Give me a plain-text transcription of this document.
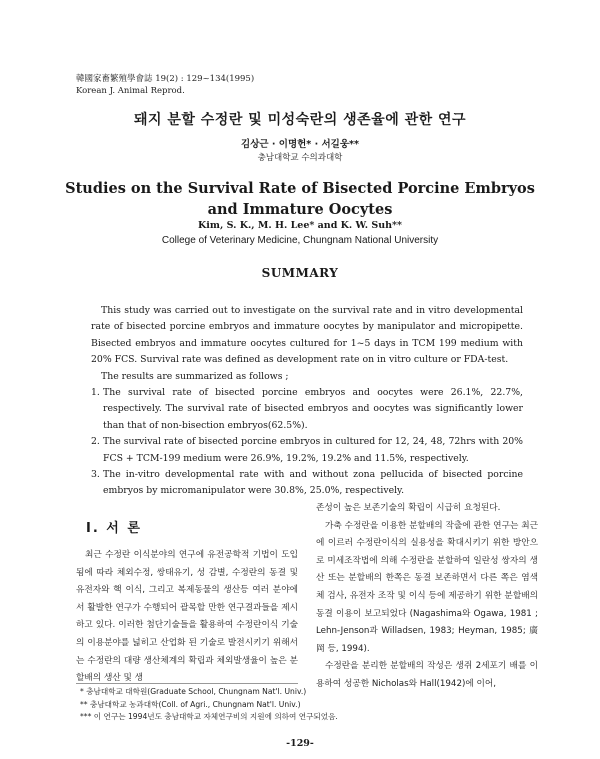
韓國家畜繁殖學會誌 19(2) : 129~134(1995)
Korean J. Animal Reprod.
돼지 분할 수정란 및 미성숙란의 생존율에 관한 연구
김상근 · 이명헌* · 서길웅**
충남대학교 수의과대학
Studies on the Survival Rate of Bisected Porcine Embryos
and Immature Oocytes
Kim, S. K., M. H. Lee* and K. W. Suh**
College of Veterinary Medicine, Chungnam National University
SUMMARY

This study was carried out to investigate on the survival rate and in vitro developmental rate of bisected porcine embryos and immature oocytes by manipulator and micropipette. Bisected embryos and immature oocytes cultured for 1~5 days in TCM 199 medium with 20% FCS. Survival rate was defined as development rate on in vitro culture or FDA-test.

The results are summarized as follows ;

1. The survival rate of bisected porcine embryos and oocytes were 26.1%, 22.7%, respectively. The survival rate of bisected embryos and oocytes was significantly lower than that of non-bisection embryos(62.5%).
2. The survival rate of bisected porcine embryos in cultured for 12, 24, 48, 72hrs with 20% FCS + TCM-199 medium were 26.9%, 19.2%, 19.2% and 11.5%, respectively.
3. The in-vitro developmental rate with and without zona pellucida of bisected porcine embryos by micromanipulator were 30.8%, 25.0%, respectively.
I. 서 론

최근 수정란 이식분야의 연구에 유전공학적 기법이 도입됨에 따라 체외수정, 쌍태유기, 성 감별, 수정란의 동결 및 유전자와 핵 이식, 그리고 복제동물의 생산등 여러 분야에서 활발한 연구가 수행되어 괄목할 만한 연구결과들을 제시하고 있다. 이러한 첨단기술들을 활용하여 수정란이식 기술의 이용분야를 넓히고 산업화 된 기술로 발전시키기 위해서는 수정란의 대량 생산체계의 확립과 체외발생율이 높은 분할배의 생산 및 생

존성이 높은 보존기술의 확립이 시급히 요청된다.

가축 수정란을 이용한 분할배의 작출에 관한 연구는 최근에 이르러 수정란이식의 실용성을 확대시키기 위한 방안으로 미세조작법에 의해 수정란을 분할하여 일란성 쌍자의 생산 또는 분할배의 한쪽은 동결 보존하면서 다른 쪽은 염색체 검사, 유전자 조작 및 이식 등에 제공하기 위한 분할배의 동결 이용이 보고되었다 (Nagashima와 Ogawa, 1981 ; Lehn-Jenson과 Willadsen, 1983; Heyman, 1985; 廣岡 등, 1994).

수정란을 분리한 분할배의 작성은 생쥐 2세포기 배를 이용하여 성공한 Nicholas와 Hall(1942)에 이어,

* 충남대학교 대학원(Graduate School, Chungnam Nat'l. Univ.)
** 충남대학교 농과대학(Coll. of Agri., Chungnam Nat'l. Univ.)
*** 이 연구는 1994년도 충남대학교 자체연구비의 지원에 의하여 연구되었음.
-129-
